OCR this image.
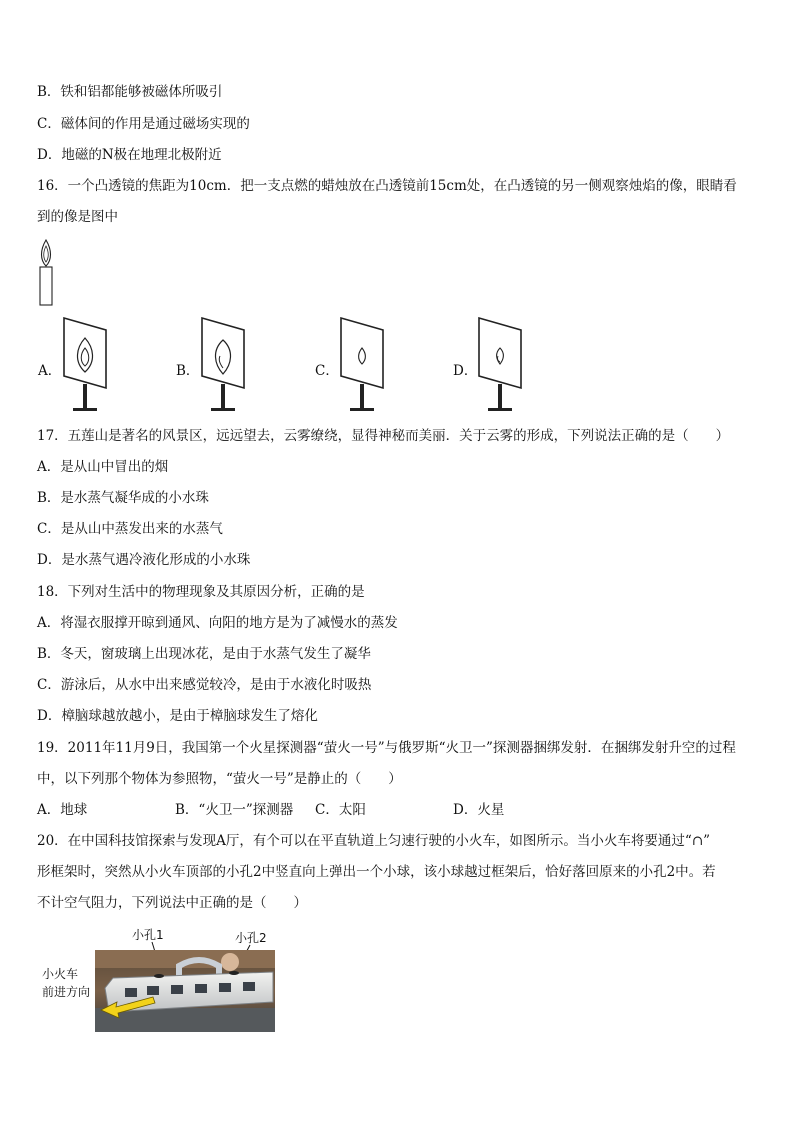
B．铁和铝都能够被磁体所吸引
C．磁体间的作用是通过磁场实现的
D．地磁的N极在地理北极附近
16．一个凸透镜的焦距为10cm．把一支点燃的蜡烛放在凸透镜前15cm处，在凸透镜的另一侧观察烛焰的像，眼睛看
到的像是图中
A．	B．	C．	D．
17．五莲山是著名的风景区，远远望去，云雾缭绕，显得神秘而美丽．关于云雾的形成，下列说法正确的是（　　）
A．是从山中冒出的烟
B．是水蒸气凝华成的小水珠
C．是从山中蒸发出来的水蒸气
D．是水蒸气遇冷液化形成的小水珠
18．下列对生活中的物理现象及其原因分析，正确的是
A．将湿衣服撑开晾到通风、向阳的地方是为了减慢水的蒸发
B．冬天，窗玻璃上出现冰花，是由于水蒸气发生了凝华
C．游泳后，从水中出来感觉较冷，是由于水液化时吸热
D．樟脑球越放越小，是由于樟脑球发生了熔化
19．2011年11月9日，我国第一个火星探测器“萤火一号”与俄罗斯“火卫一”探测器捆绑发射．在捆绑发射升空的过程
中，以下列那个物体为参照物，“萤火一号”是静止的（　　）
A．地球	B．“火卫一”探测器 C．太阳	D．火星
20．在中国科技馆探索与发现A厅，有个可以在平直轨道上匀速行驶的小火车，如图所示。当小火车将要通过“∩”
形框架时，突然从小火车顶部的小孔2中竖直向上弹出一个小球，该小球越过框架后，恰好落回原来的小孔2中。若
不计空气阻力，下列说法中正确的是（　　）
小孔1	小孔2
小火车
前进方向
